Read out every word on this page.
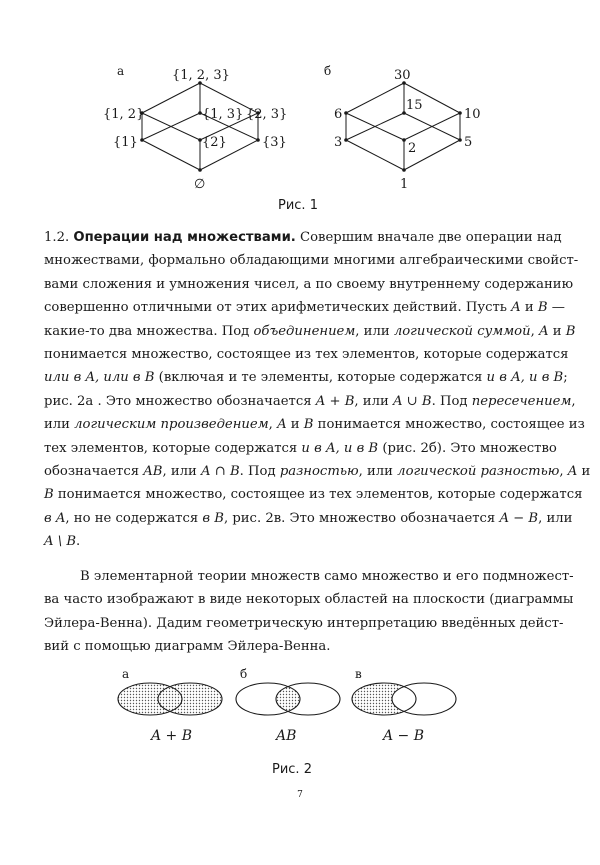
а	б
{1, 2, 3}
{1, 2}	{1, 3} {2, 3}
{1}	{2}	{3}
∅
30
6
15
10
3	2	5
1
Рис. 1
1.2. Операции над множествами. Совершим вначале две операции над
множествами, формально обладающими многими алгебраическими свойст-
вами сложения и умножения чисел, а по своему внутреннему содержанию
совершенно отличными от этих арифметических действий. Пусть A и B —
какие-то два множества. Под объединением, или логической суммой, A и B
понимается множество, состоящее из тех элементов, которые содержатся
или в A, или в B (включая и те элементы, которые содержатся и в A, и в B;
рис. 2а . Это множество обозначается A + B, или A ∪ B. Под пересечением,
или логическим произведением, A и B понимается множество, состоящее из
тех элементов, которые содержатся и в A, и в B (рис. 2б). Это множество
обозначается AB, или A ∩ B. Под разностью, или логической разностью, A и
B понимается множество, состоящее из тех элементов, которые содержатся
в A, но не содержатся в B, рис. 2в. Это множество обозначается A − B, или
A \ B.
В элементарной теории множеств само множество и его подмножест-
ва часто изображают в виде некоторых областей на плоскости (диаграммы
Эйлера-Венна). Дадим геометрическую интерпретацию введённых дейст-
вий с помощью диаграмм Эйлера-Венна.
а	б	в
A + B	AB	A − B
Рис. 2
7
